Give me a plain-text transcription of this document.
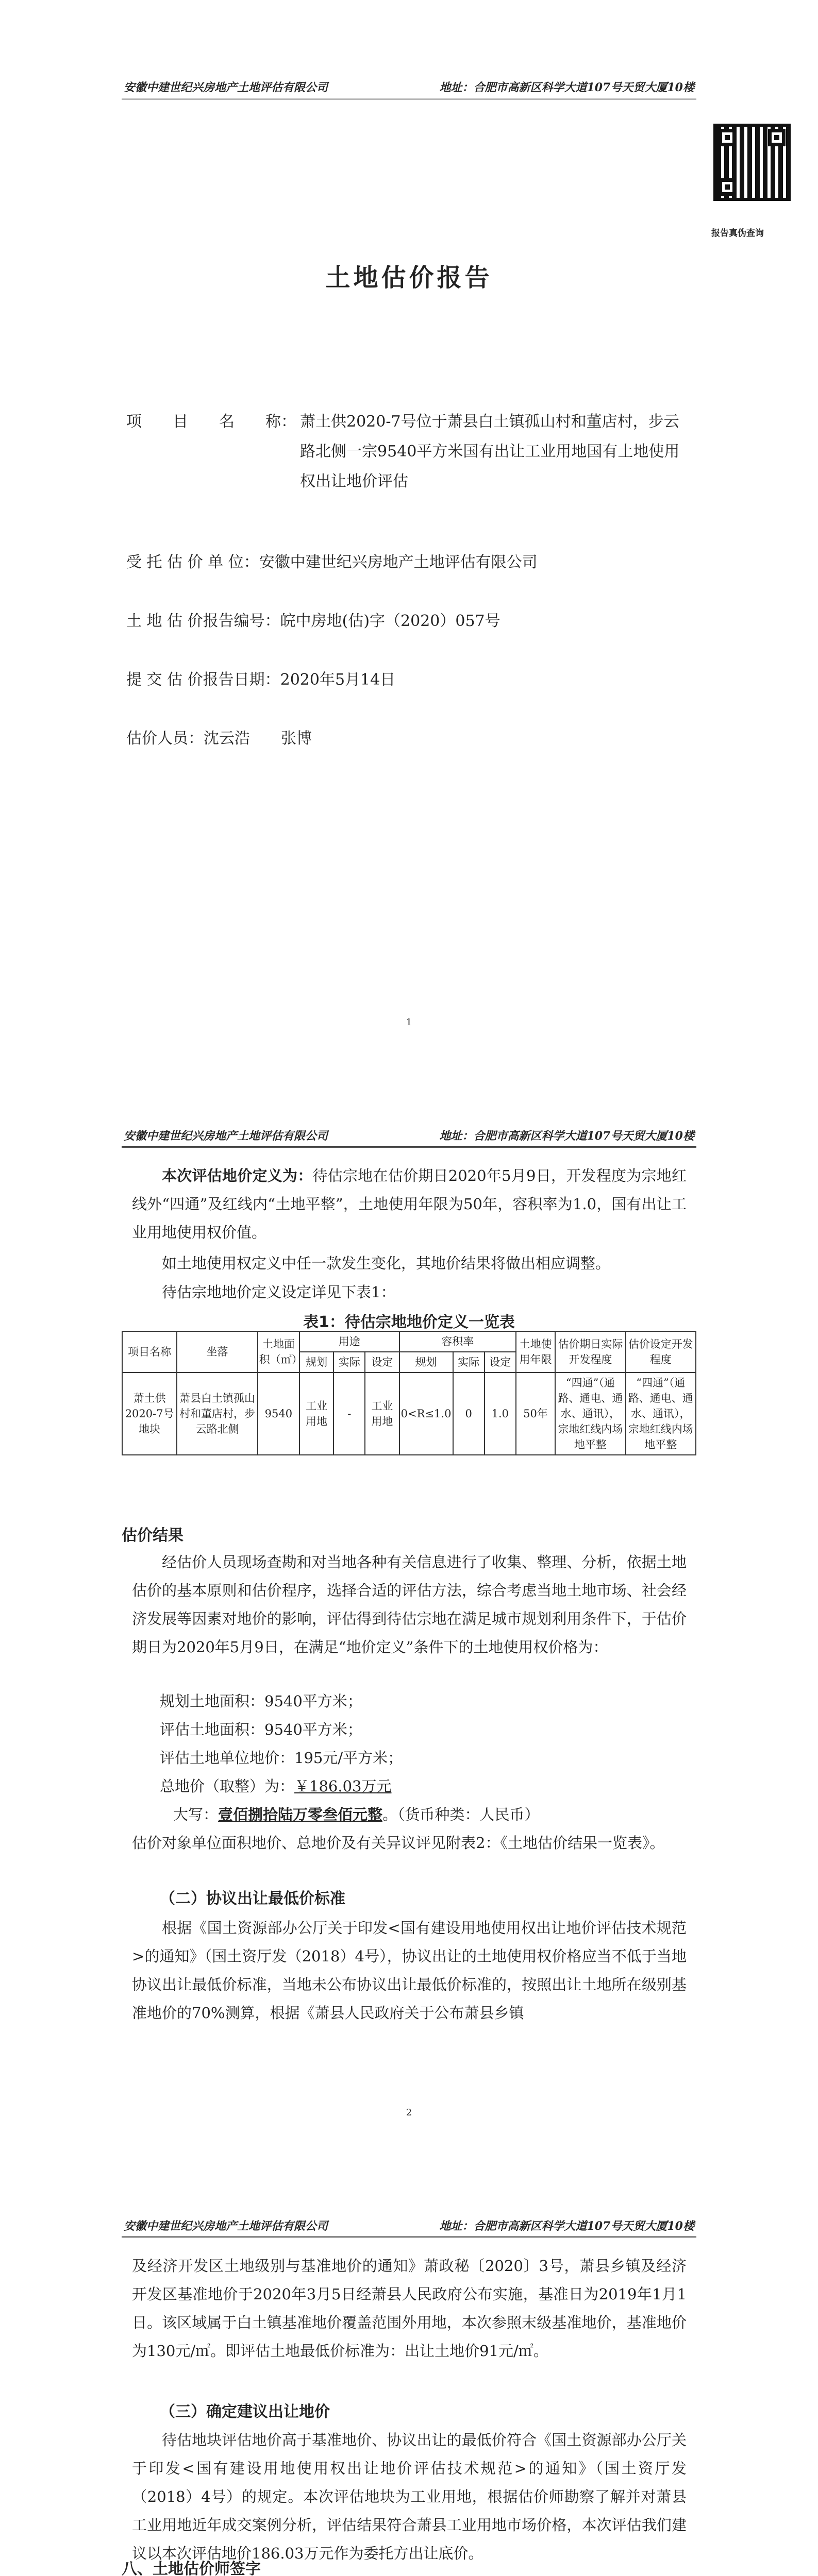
安徽中建世纪兴房地产土地评估有限公司	地址：合肥市高新区科学大道107号天贸大厦10楼
报告真伪查询
土地估价报告
项　　目　　名　　称： 萧土供2020-7号位于萧县白土镇孤山村和董店村，步云路北侧一宗9540平方米国有出让工业用地国有土地使用权出让地价评估
受 托 估 价 单 位：安徽中建世纪兴房地产土地评估有限公司
土 地 估 价报告编号：皖中房地(估)字（2020）057号
提 交 估 价报告日期：2020年5月14日
估价人员：沈云浩　　张博
1
安徽中建世纪兴房地产土地评估有限公司	地址：合肥市高新区科学大道107号天贸大厦10楼
本次评估地价定义为：待估宗地在估价期日2020年5月9日，开发程度为宗地红线外“四通”及红线内“土地平整”，土地使用年限为50年，容积率为1.0，国有出让工业用地使用权价值。
如土地使用权定义中任一款发生变化，其地价结果将做出相应调整。
待估宗地地价定义设定详见下表1：
表1：待估宗地地价定义一览表
项目名称	坐落	土地面积（㎡）	用途			容积率			土地使用年限	估价期日实际开发程度	估价设定开发程度
			规划	实际	设定	规划	实际	设定			
萧土供2020-7号地块	萧县白土镇孤山村和董店村，步云路北侧	9540	工业用地	-	工业用地	0<R≤1.0	0	1.0	50年	“四通”（通路、通电、通水、通讯），宗地红线内场地平整	“四通”（通路、通电、通水、通讯），宗地红线内场地平整
估价结果
经估价人员现场查勘和对当地各种有关信息进行了收集、整理、分析，依据土地估价的基本原则和估价程序，选择合适的评估方法，综合考虑当地土地市场、社会经济发展等因素对地价的影响，评估得到待估宗地在满足城市规划利用条件下，于估价期日为2020年5月9日，在满足“地价定义”条件下的土地使用权价格为：
规划土地面积：9540平方米；
评估土地面积：9540平方米；
评估土地单位地价：195元/平方米；
总地价（取整）为：￥186.03万元
大写：壹佰捌拾陆万零叁佰元整。（货币种类：人民币）
估价对象单位面积地价、总地价及有关异议评见附表2：《土地估价结果一览表》。
（二）协议出让最低价标准
根据《国土资源部办公厅关于印发<国有建设用地使用权出让地价评估技术规范>的通知》（国土资厅发（2018）4号），协议出让的土地使用权价格应当不低于当地协议出让最低价标准，当地未公布协议出让最低价标准的，按照出让土地所在级别基准地价的70%测算，根据《萧县人民政府关于公布萧县乡镇
2
安徽中建世纪兴房地产土地评估有限公司	地址：合肥市高新区科学大道107号天贸大厦10楼
及经济开发区土地级别与基准地价的通知》萧政秘〔2020〕3号，萧县乡镇及经济开发区基准地价于2020年3月5日经萧县人民政府公布实施，基准日为2019年1月1日。该区域属于白土镇基准地价覆盖范围外用地，本次参照末级基准地价，基准地价为130元/㎡。即评估土地最低价标准为：出让土地价91元/㎡。
（三）确定建议出让地价
待估地块评估地价高于基准地价、协议出让的最低价符合《国土资源部办公厅关于印发<国有建设用地使用权出让地价评估技术规范>的通知》（国土资厅发（2018）4号）的规定。本次评估地块为工业用地，根据估价师勘察了解并对萧县工业用地近年成交案例分析，评估结果符合萧县工业用地市场价格，本次评估我们建议以本次评估地价186.03万元作为委托方出让底价。
八、土地估价师签字
